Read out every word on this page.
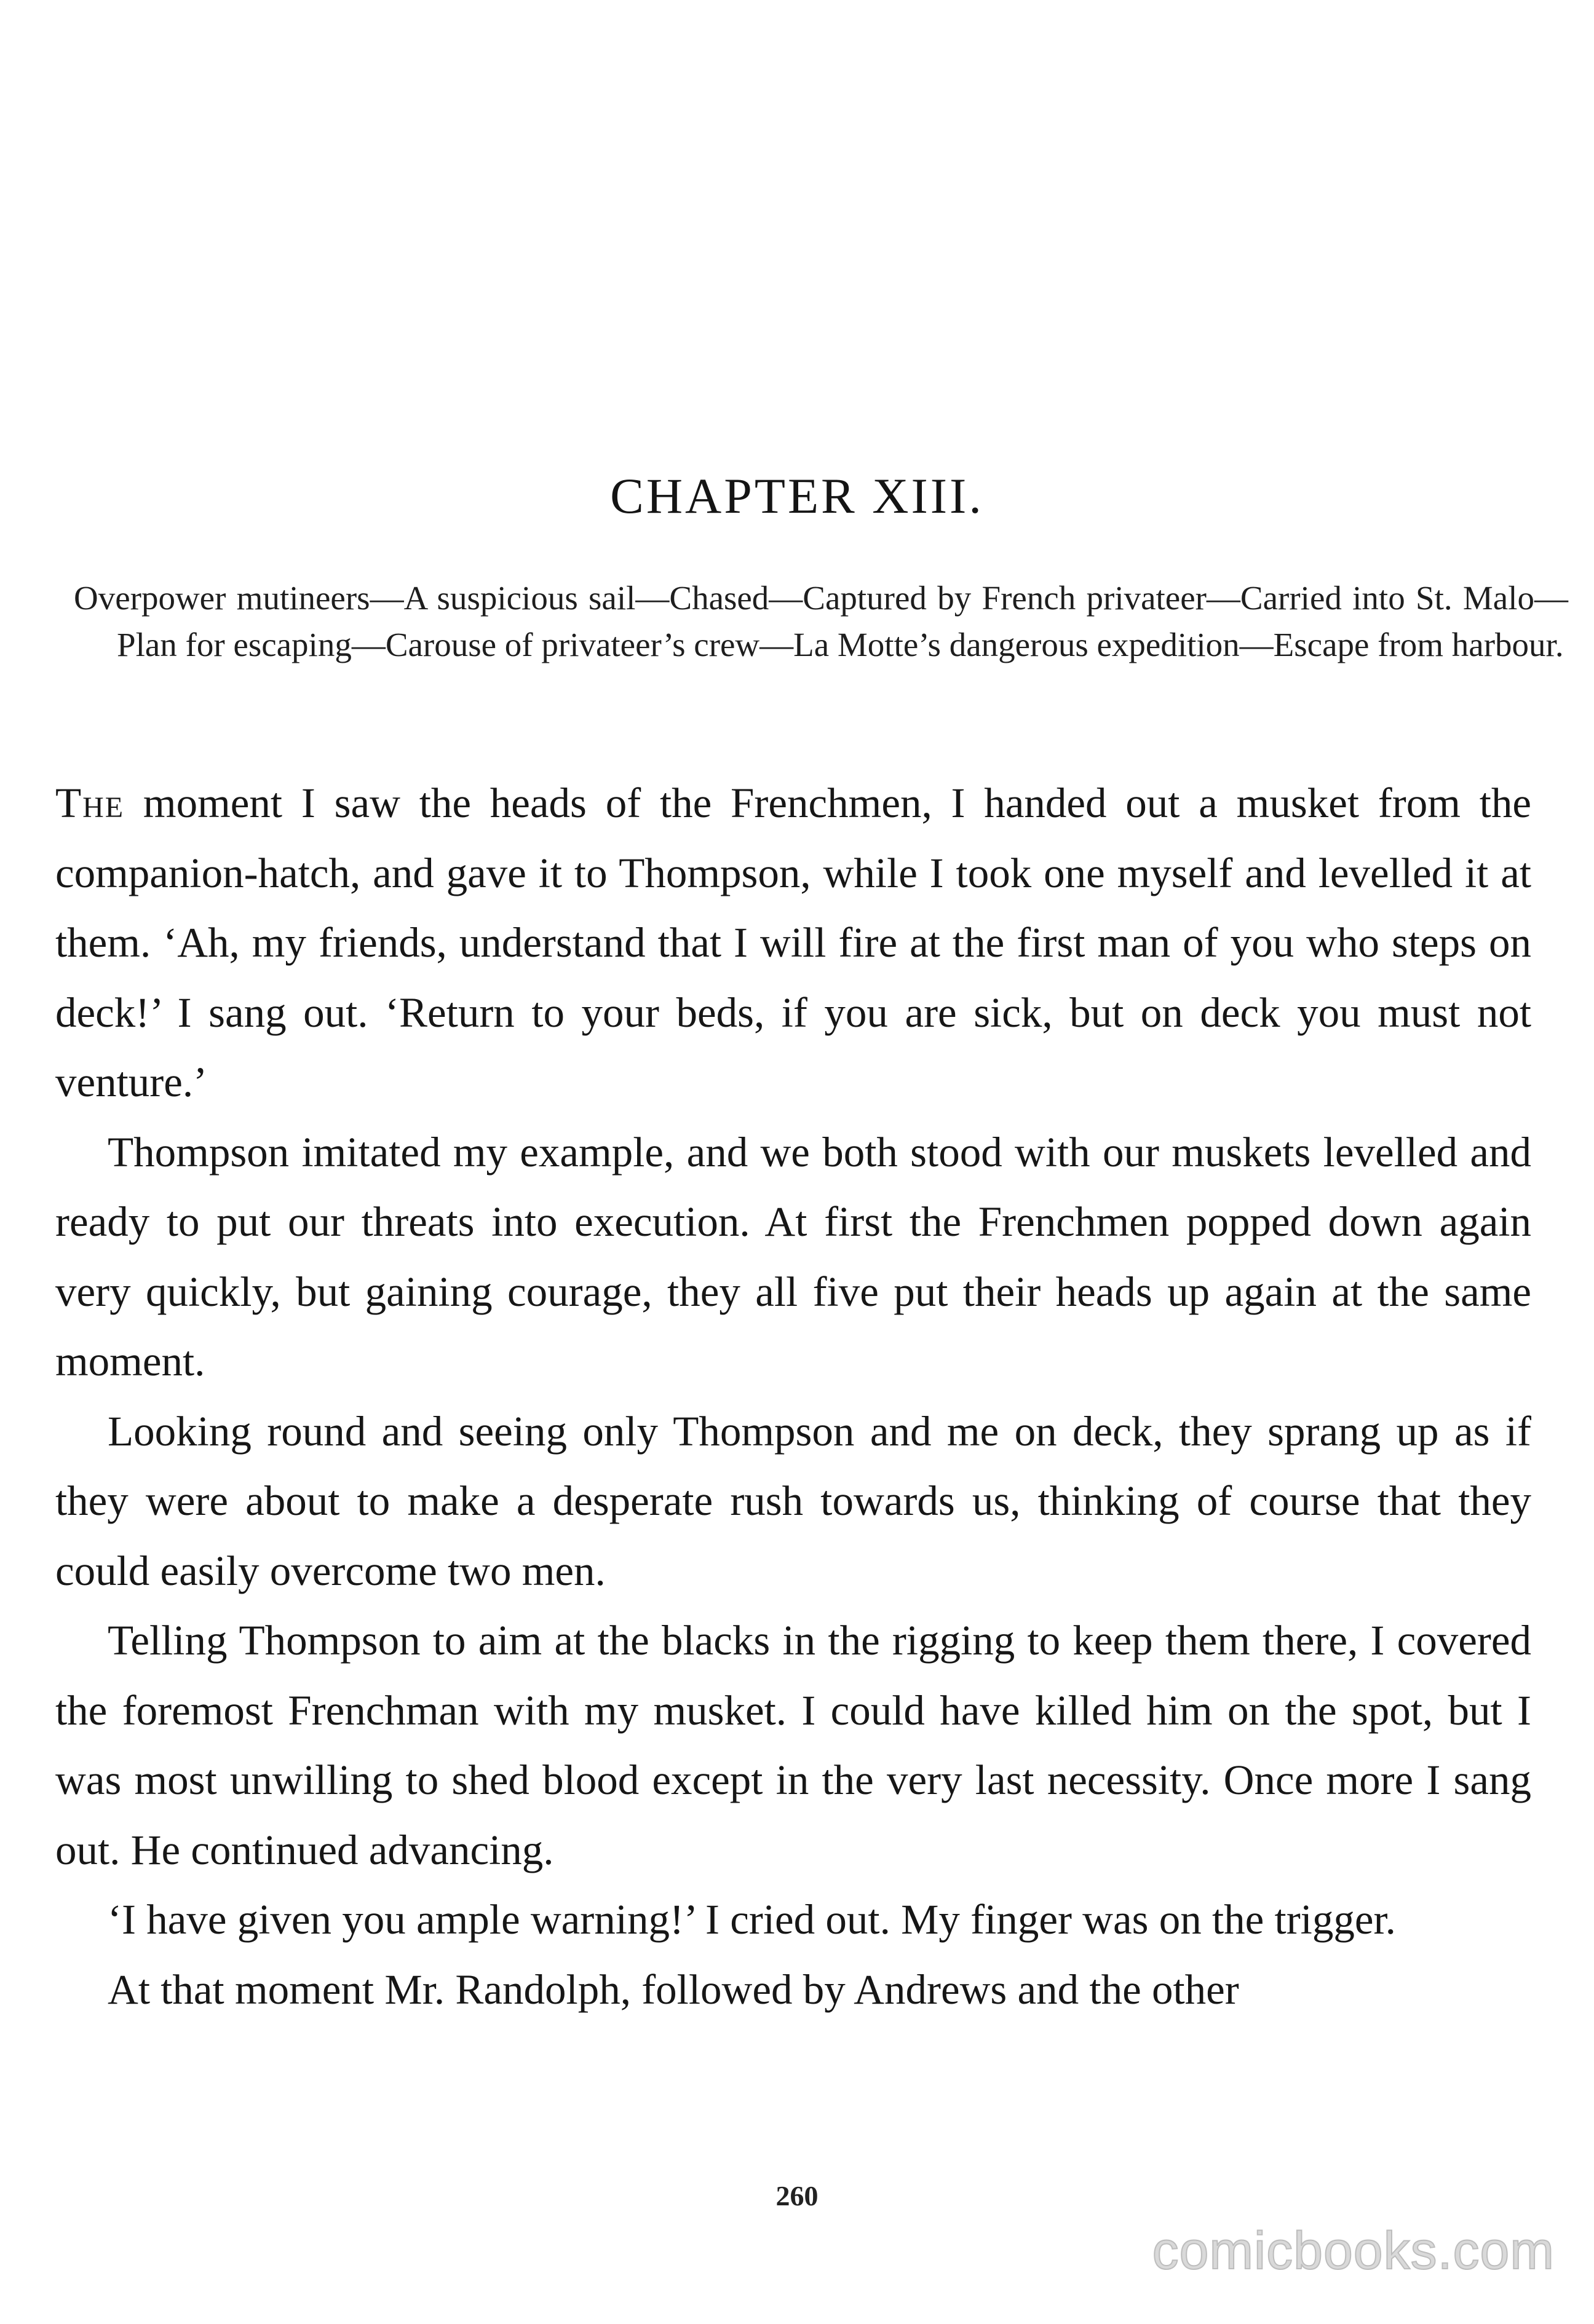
CHAPTER XIII.
Overpower mutineers—A suspicious sail—Chased—Captured by French privateer—Carried into St. Malo—Plan for escaping—Carouse of privateer’s crew—La Motte’s dangerous expedition—Escape from harbour.

The moment I saw the heads of the Frenchmen, I handed out a musket from the companion-hatch, and gave it to Thompson, while I took one myself and levelled it at them. ‘Ah, my friends, understand that I will fire at the first man of you who steps on deck!’ I sang out. ‘Return to your beds, if you are sick, but on deck you must not venture.’

Thompson imitated my example, and we both stood with our muskets levelled and ready to put our threats into execution. At first the Frenchmen popped down again very quickly, but gaining courage, they all five put their heads up again at the same moment.

Looking round and seeing only Thompson and me on deck, they sprang up as if they were about to make a desperate rush towards us, thinking of course that they could easily overcome two men.

Telling Thompson to aim at the blacks in the rigging to keep them there, I covered the foremost Frenchman with my musket. I could have killed him on the spot, but I was most unwilling to shed blood except in the very last necessity. Once more I sang out. He continued advancing.

‘I have given you ample warning!’ I cried out. My finger was on the trigger.

At that moment Mr. Randolph, followed by Andrews and the other

260
comicbooks.com
